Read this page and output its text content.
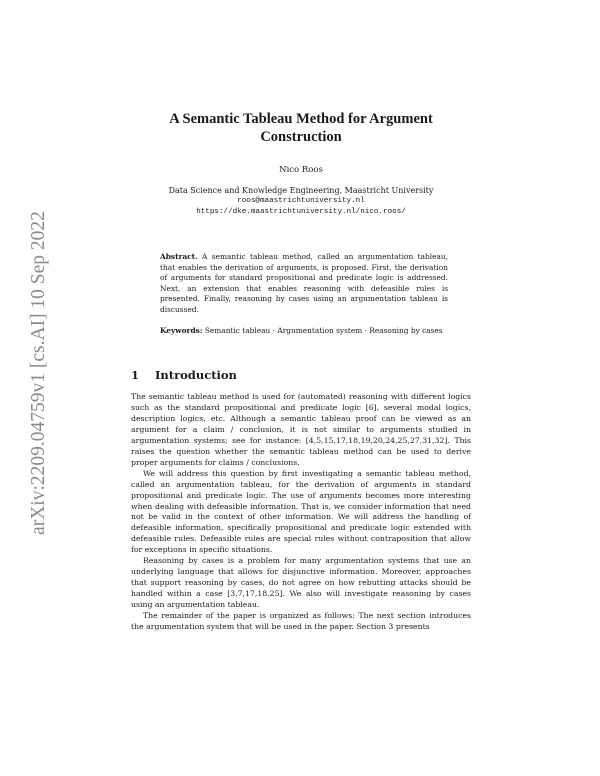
arXiv:2209.04759v1 [cs.AI] 10 Sep 2022
A Semantic Tableau Method for Argument Construction
Nico Roos
Data Science and Knowledge Engineering, Maastricht University
roos@maastrichtuniversity.nl
https://dke.maastrichtuniversity.nl/nico.roos/
Abstract. A semantic tableau method, called an argumentation tableau, that enables the derivation of arguments, is proposed. First, the derivation of arguments for standard propositional and predicate logic is addressed. Next, an extension that enables reasoning with defeasible rules is presented. Finally, reasoning by cases using an argumentation tableau is discussed.
Keywords: Semantic tableau · Argumentation system · Reasoning by cases
1 Introduction

The semantic tableau method is used for (automated) reasoning with different logics such as the standard propositional and predicate logic [6], several modal logics, description logics, etc. Although a semantic tableau proof can be viewed as an argument for a claim / conclusion, it is not similar to arguments studied in argumentation systems; see for instance: [4,5,15,17,18,19,20,24,25,27,31,32]. This raises the question whether the semantic tableau method can be used to derive proper arguments for claims / conclusions.

We will address this question by first investigating a semantic tableau method, called an argumentation tableau, for the derivation of arguments in standard propositional and predicate logic. The use of arguments becomes more interesting when dealing with defeasible information. That is, we consider information that need not be valid in the context of other information. We will address the handling of defeasible information, specifically propositional and predicate logic extended with defeasible rules. Defeasible rules are special rules without contraposition that allow for exceptions in specific situations.

Reasoning by cases is a problem for many argumentation systems that use an underlying language that allows for disjunctive information. Moreover, approaches that support reasoning by cases, do not agree on how rebutting attacks should be handled within a case [3,7,17,18,25]. We also will investigate reasoning by cases using an argumentation tableau.

The remainder of the paper is organized as follows: The next section introduces the argumentation system that will be used in the paper. Section 3 presents
